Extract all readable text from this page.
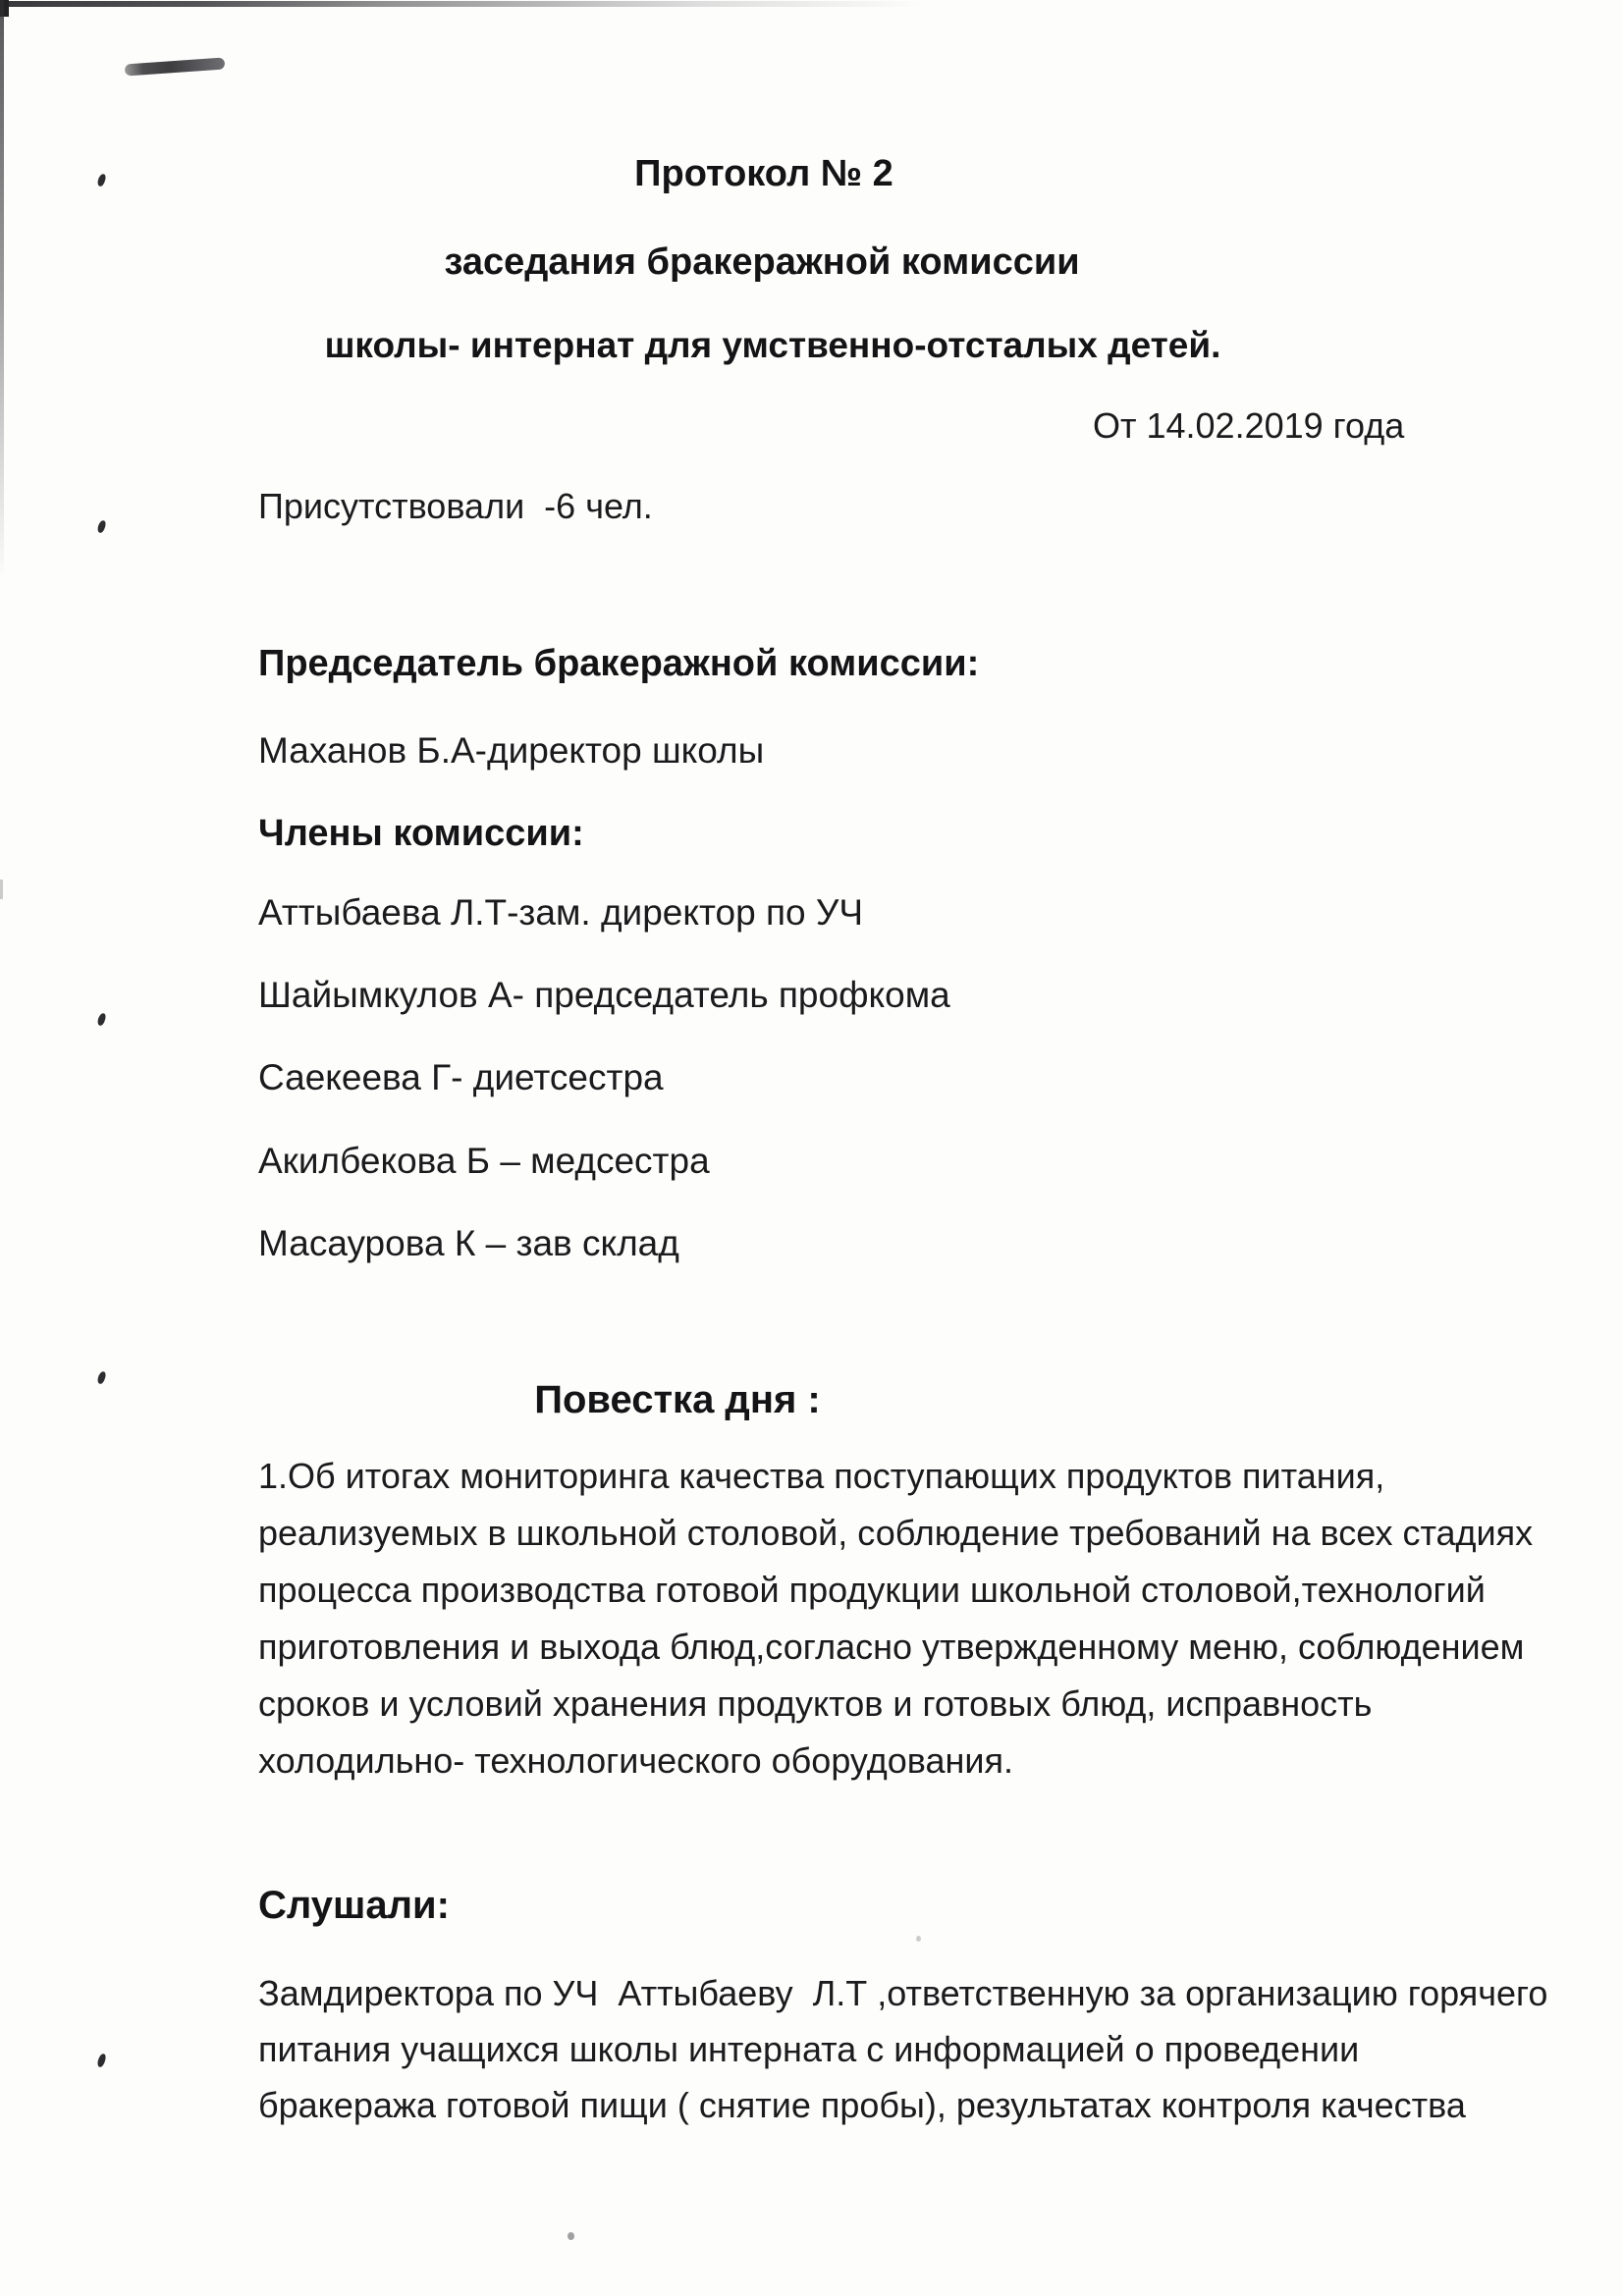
Протокол № 2
заседания бракеражной комиссии
школы- интернат для умственно-отсталых детей.
От 14.02.2019 года
Присутствовали  -6 чел.
Председатель бракеражной комиссии:
Маханов Б.А-директор школы
Члены комиссии:
Аттыбаева Л.Т-зам. директор по УЧ
Шайымкулов А- председатель профкома
Саекеева Г- диетсестра
Акилбекова Б – медсестра
Масаурова К – зав склад
Повестка дня :
1.Об итогах мониторинга качества поступающих продуктов питания,
реализуемых в школьной столовой, соблюдение требований на всех стадиях
процесса производства готовой продукции школьной столовой,технологий
приготовления и выхода блюд,согласно утвержденному меню, соблюдением
сроков и условий хранения продуктов и готовых блюд, исправность
холодильно- технологического оборудования.
Слушали:
Замдиректора по УЧ  Аттыбаеву  Л.Т ,ответственную за организацию горячего
питания учащихся школы интерната с информацией о проведении
бракеража готовой пищи ( снятие пробы), результатах контроля качества
